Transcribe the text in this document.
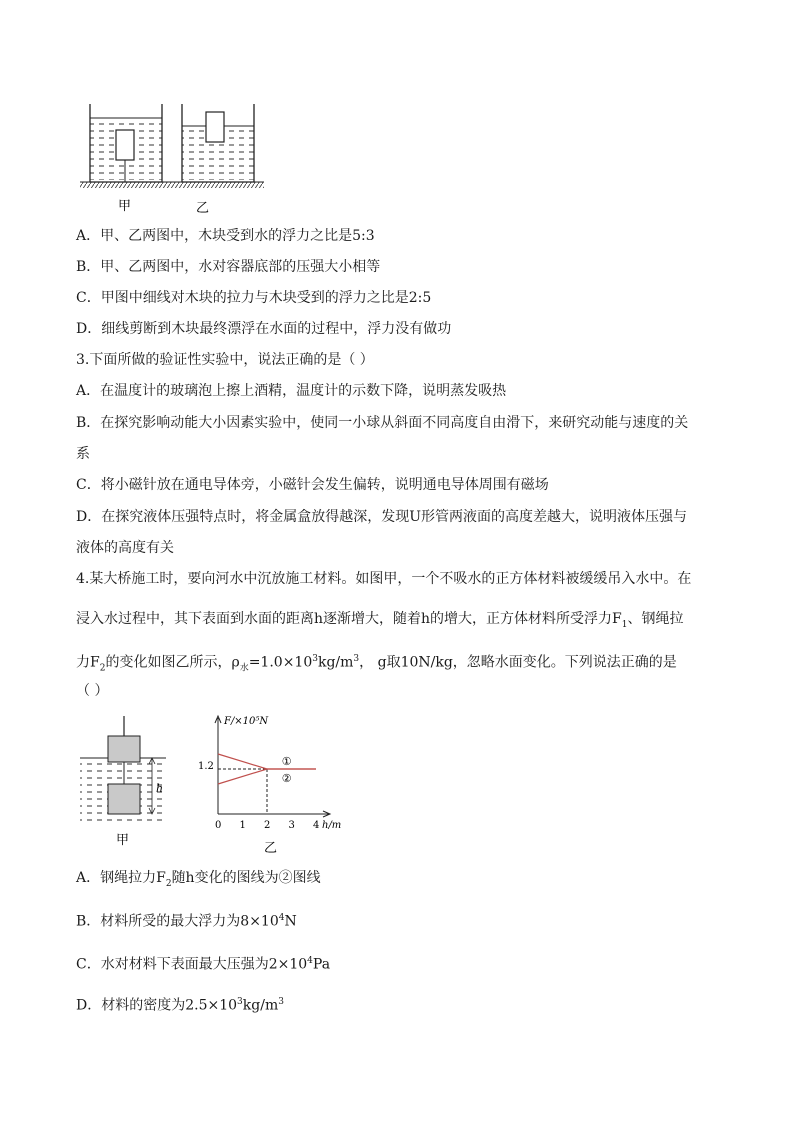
甲	乙
A．甲、乙两图中，木块受到水的浮力之比是5:3
B．甲、乙两图中，水对容器底部的压强大小相等
C．甲图中细线对木块的拉力与木块受到的浮力之比是2:5
D．细线剪断到木块最终漂浮在水面的过程中，浮力没有做功
3.下面所做的验证性实验中，说法正确的是（ ）
A．在温度计的玻璃泡上擦上酒精，温度计的示数下降，说明蒸发吸热
B．在探究影响动能大小因素实验中，使同一小球从斜面不同高度自由滑下，来研究动能与速度的关
系
C．将小磁针放在通电导体旁，小磁针会发生偏转，说明通电导体周围有磁场
D．在探究液体压强特点时，将金属盒放得越深，发现U形管两液面的高度差越大，说明液体压强与
液体的高度有关
4.某大桥施工时，要向河水中沉放施工材料。如图甲，一个不吸水的正方体材料被缓缓吊入水中。在
浸入水过程中，其下表面到水面的距离h逐渐增大，随着h的增大，正方体材料所受浮力$F_1$、钢绳拉
力$F_2$的变化如图乙所示，$\rho_水=1.0\times 10^3kg/m^3$， g取10N/kg，忽略水面变化。下列说法正确的是
（ ）
h
甲
F/×10⁵N
h/m
1.2
0 1 2 3 4
①
②
乙
A．钢绳拉力$F_2$随h变化的图线为②图线
B．材料所受的最大浮力为$8\times 10^4N$
C．水对材料下表面最大压强为$2\times 10^4Pa$
D．材料的密度为$2.5\times 10^3kg/m^3$
